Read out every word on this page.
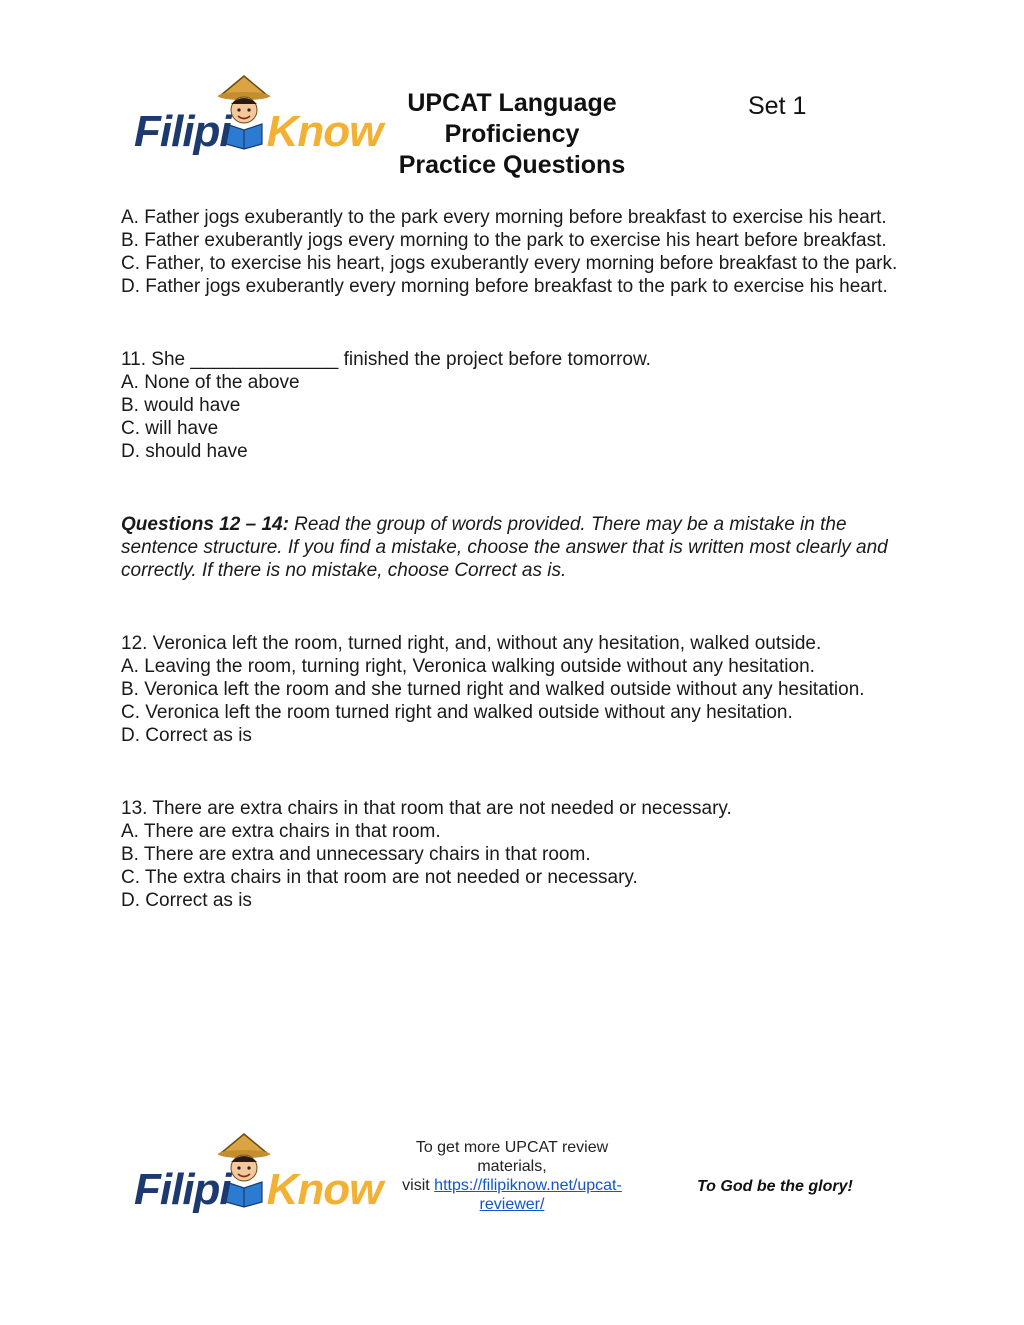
Filipi Know
UPCAT Language
Proficiency
Practice Questions
Set 1

A. Father jogs exuberantly to the park every morning before breakfast to exercise his heart.

B. Father exuberantly jogs every morning to the park to exercise his heart before breakfast.

C. Father, to exercise his heart, jogs exuberantly every morning before breakfast to the park.

D. Father jogs exuberantly every morning before breakfast to the park to exercise his heart.

11. She ______________ finished the project before tomorrow.

A. None of the above

B. would have

C. will have

D. should have

Questions 12 – 14: Read the group of words provided. There may be a mistake in the sentence structure. If you find a mistake, choose the answer that is written most clearly and correctly. If there is no mistake, choose Correct as is.

12. Veronica left the room, turned right, and, without any hesitation, walked outside.

A. Leaving the room, turning right, Veronica walking outside without any hesitation.

B. Veronica left the room and she turned right and walked outside without any hesitation.

C. Veronica left the room turned right and walked outside without any hesitation.

D. Correct as is

13. There are extra chairs in that room that are not needed or necessary.

A. There are extra chairs in that room.

B. There are extra and unnecessary chairs in that room.

C. The extra chairs in that room are not needed or necessary.

D. Correct as is

Filipi Know
To get more UPCAT review materials,
visit https://filipiknow.net/upcat-reviewer/
To God be the glory!
